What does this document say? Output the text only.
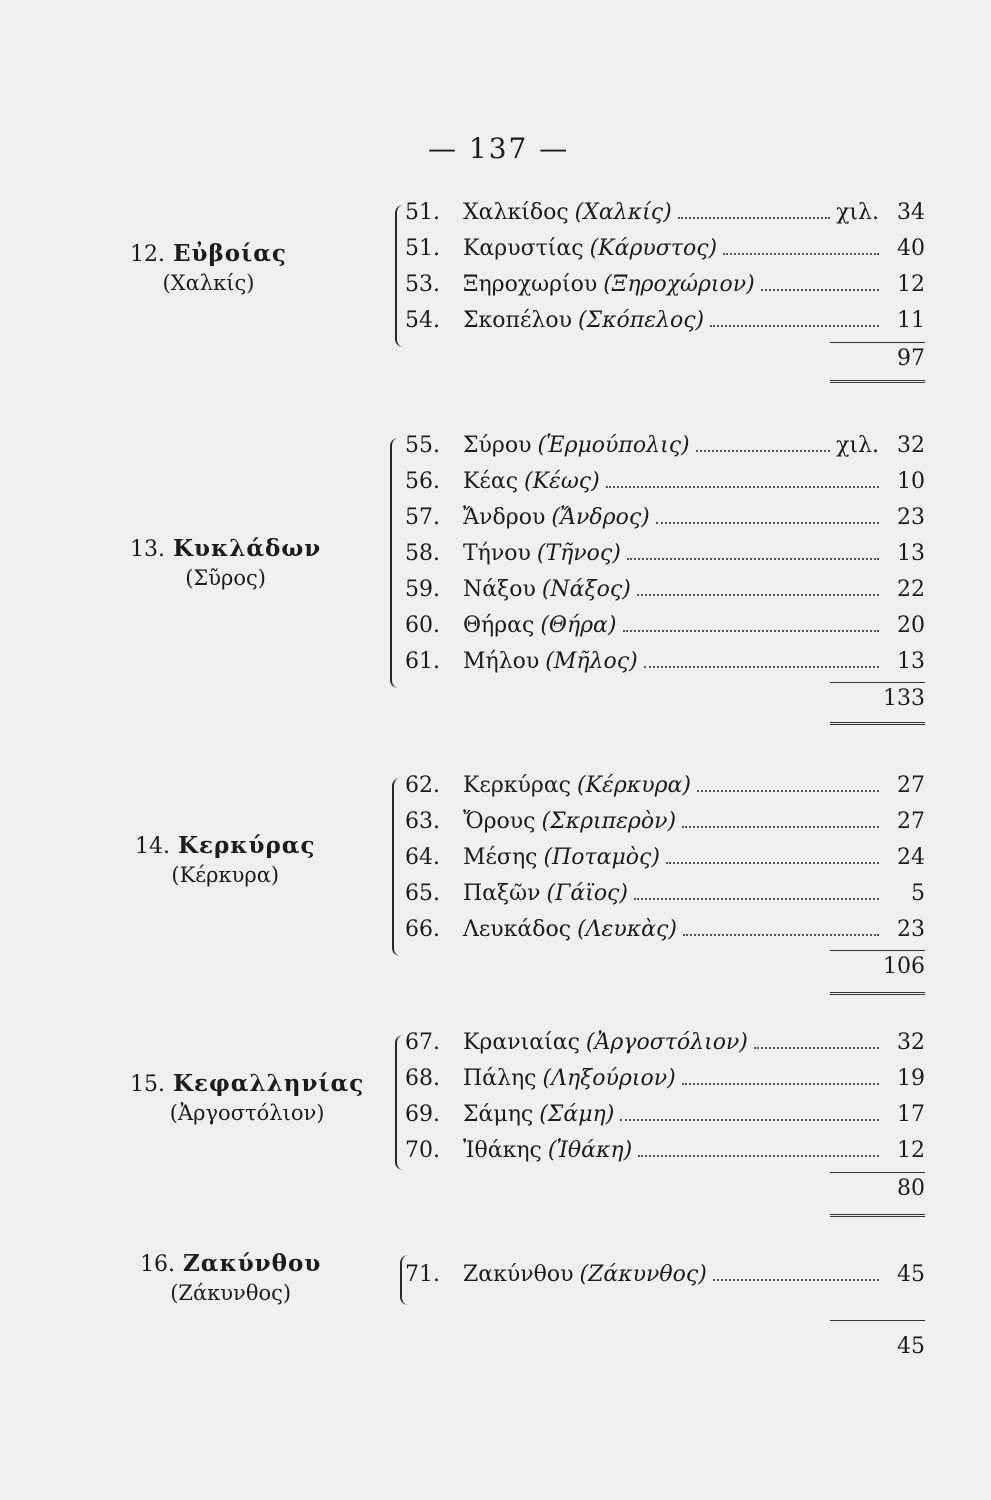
— 137 —
12. Εὐβοίας
(Χαλκίς)
51.	Χαλκίδος (Χαλκίς)	χιλ. 34
51.	Καρυστίας (Κάρυστος)	40
53.	Ξηροχωρίου (Ξηροχώριον)	12
54.	Σκοπέλου (Σκόπελος)	11
97
13. Κυκλάδων
(Σῦρος)
55.	Σύρου (Ἑρμούπολις)	χιλ. 32
56.	Κέας (Κέως)	10
57.	Ἄνδρου (Ἄνδρος)	23
58.	Τήνου (Τῆνος)	13
59.	Νάξου (Νάξος)	22
60.	Θήρας (Θήρα)	20
61.	Μήλου (Μῆλος)	13
133
14. Κερκύρας
(Κέρκυρα)
62.	Κερκύρας (Κέρκυρα)	27
63.	Ὄρους (Σκριπερὸν)	27
64.	Μέσης (Ποταμὸς)	24
65.	Παξῶν (Γάϊος)	5
66.	Λευκάδος (Λευκὰς)	23
106
15. Κεφαλληνίας
(Ἀργοστόλιον)
67.	Κρανιαίας (Ἀργοστόλιον)	32
68.	Πάλης (Ληξούριον)	19
69.	Σάμης (Σάμη)	17
70.	Ἰθάκης (Ἰθάκη)	12
80
16. Ζακύνθου
(Ζάκυνθος)
71.	Ζακύνθου (Ζάκυνθος)	45
45
